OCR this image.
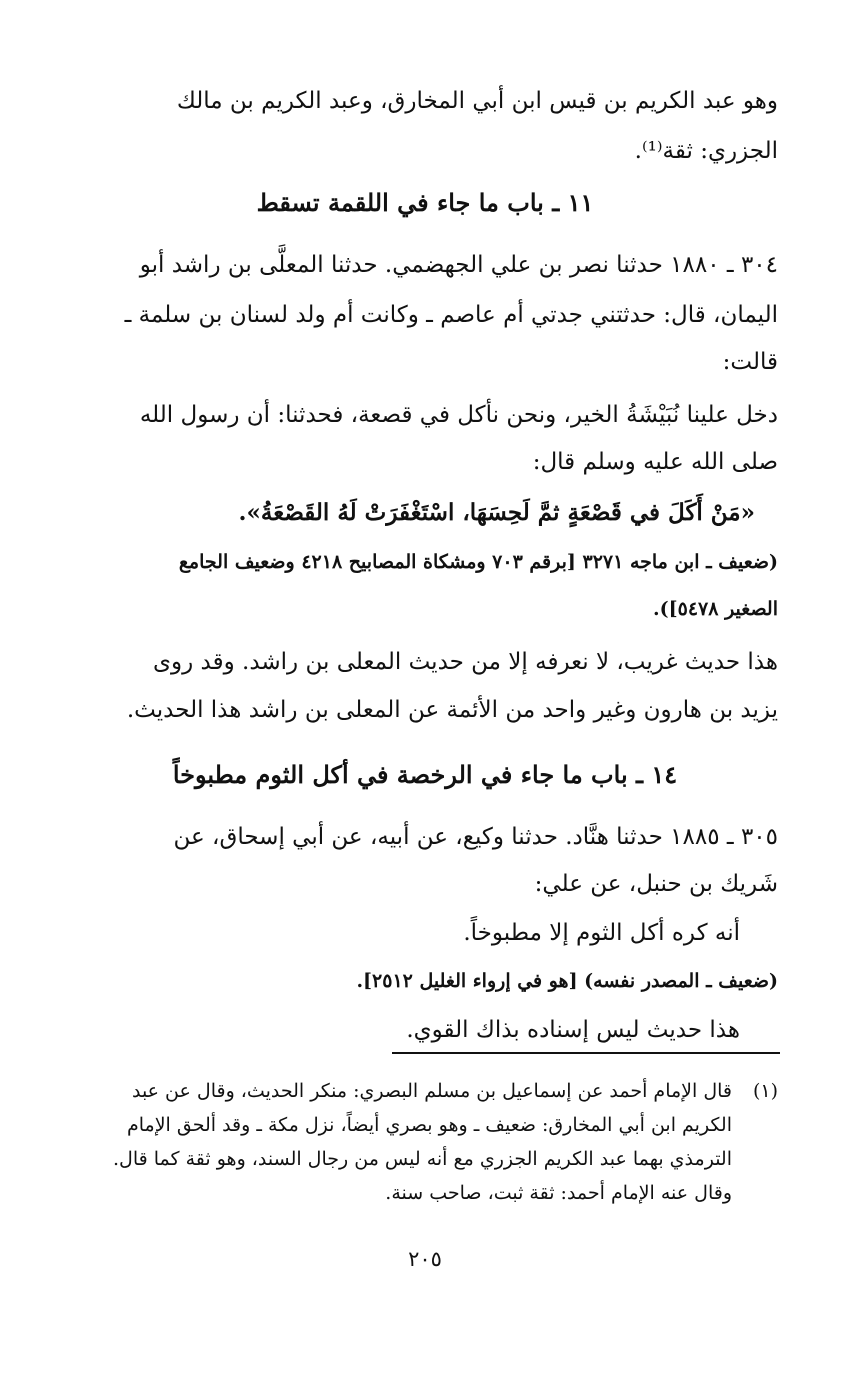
وهو عبد الكريم بن قيس ابن أبي المخارق، وعبد الكريم بن مالك
الجزري: ثقة⁽¹⁾.
١١ ـ باب ما جاء في اللقمة تسقط
٣٠٤ ـ ١٨٨٠ حدثنا نصر بن علي الجهضمي. حدثنا المعلَّى بن راشد أبو
اليمان، قال: حدثتني جدتي أم عاصم ـ وكانت أم ولد لسنان بن سلمة ـ
قالت:
دخل علينا نُبَيْشَةُ الخير، ونحن نأكل في قصعة، فحدثنا: أن رسول الله
صلى الله عليه وسلم قال:
«مَنْ أَكَلَ في قَصْعَةٍ ثمَّ لَحِسَهَا، اسْتَغْفَرَتْ لَهُ القَصْعَةُ».
(ضعيف ـ ابن ماجه ٣٢٧١ [برقم ٧٠٣ ومشكاة المصابيح ٤٢١٨ وضعيف الجامع
الصغير ٥٤٧٨]).
هذا حديث غريب، لا نعرفه إلا من حديث المعلى بن راشد. وقد روى
يزيد بن هارون وغير واحد من الأئمة عن المعلى بن راشد هذا الحديث.
١٤ ـ باب ما جاء في الرخصة في أكل الثوم مطبوخاً
٣٠٥ ـ ١٨٨٥ حدثنا هنَّاد. حدثنا وكيع، عن أبيه، عن أبي إسحاق، عن
شَريك بن حنبل، عن علي:
أنه كره أكل الثوم إلا مطبوخاً.
(ضعيف ـ المصدر نفسه) [هو في إرواء الغليل ٢٥١٢].
هذا حديث ليس إسناده بذاك القوي.
(١)
قال الإمام أحمد عن إسماعيل بن مسلم البصري: منكر الحديث، وقال عن عبد
الكريم ابن أبي المخارق: ضعيف ـ وهو بصري أيضاً، نزل مكة ـ وقد ألحق الإمام
الترمذي بهما عبد الكريم الجزري مع أنه ليس من رجال السند، وهو ثقة كما قال.
وقال عنه الإمام أحمد: ثقة ثبت، صاحب سنة.
٢٠٥
